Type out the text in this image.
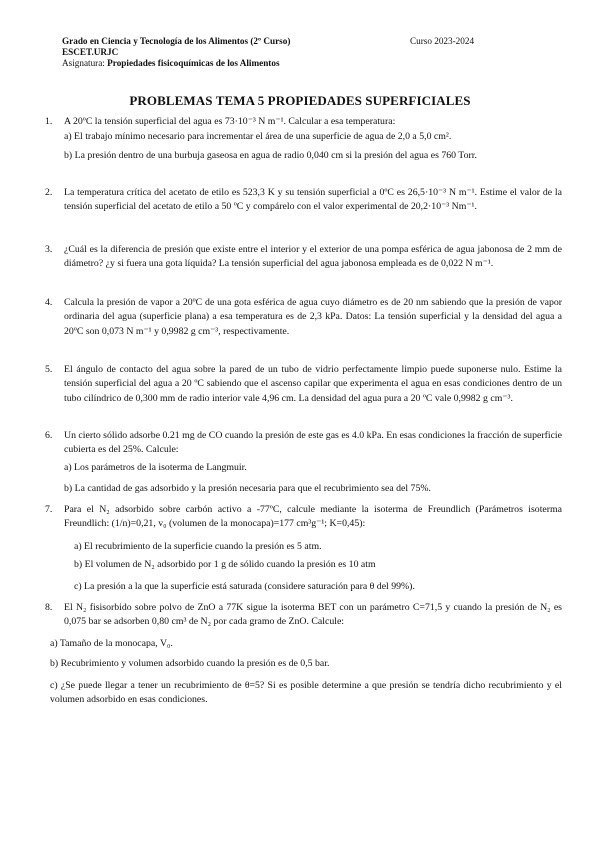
Grado en Ciencia y Tecnología de los Alimentos (2º Curso)
ESCET.URJC
Asignatura: Propiedades fisicoquímicas de los Alimentos
Curso 2023-2024
PROBLEMAS TEMA 5 PROPIEDADES SUPERFICIALES
1. A 20ºC la tensión superficial del agua es 73·10⁻³ N m⁻¹. Calcular a esa temperatura:
a) El trabajo mínimo necesario para incrementar el área de una superficie de agua de 2,0 a 5,0 cm².
b) La presión dentro de una burbuja gaseosa en agua de radio 0,040 cm si la presión del agua es 760 Torr.
2. La temperatura crítica del acetato de etilo es 523,3 K y su tensión superficial a 0ºC es 26,5·10⁻³ N m⁻¹. Estime el valor de la tensión superficial del acetato de etilo a 50 ºC y compárelo con el valor experimental de 20,2·10⁻³ Nm⁻¹.
3. ¿Cuál es la diferencia de presión que existe entre el interior y el exterior de una pompa esférica de agua jabonosa de 2 mm de diámetro? ¿y si fuera una gota líquida? La tensión superficial del agua jabonosa empleada es de 0,022 N m⁻¹.
4. Calcula la presión de vapor a 20ºC de una gota esférica de agua cuyo diámetro es de 20 nm sabiendo que la presión de vapor ordinaria del agua (superficie plana) a esa temperatura es de 2,3 kPa. Datos: La tensión superficial y la densidad del agua a 20ºC son 0,073 N m⁻¹ y 0,9982 g cm⁻³, respectivamente.
5. El ángulo de contacto del agua sobre la pared de un tubo de vidrio perfectamente limpio puede suponerse nulo. Estime la tensión superficial del agua a 20 ºC sabiendo que el ascenso capilar que experimenta el agua en esas condiciones dentro de un tubo cilíndrico de 0,300 mm de radio interior vale 4,96 cm. La densidad del agua pura a 20 ºC vale 0,9982 g cm⁻³.
6. Un cierto sólido adsorbe 0.21 mg de CO cuando la presión de este gas es 4.0 kPa. En esas condiciones la fracción de superficie cubierta es del 25%. Calcule:
a) Los parámetros de la isoterma de Langmuir.
b) La cantidad de gas adsorbido y la presión necesaria para que el recubrimiento sea del 75%.
7. Para el N₂ adsorbido sobre carbón activo a -77ºC, calcule mediante la isoterma de Freundlich (Parámetros isoterma Freundlich: (1/n)=0,21, v₀ (volumen de la monocapa)=177 cm³g⁻¹; K=0,45):
a) El recubrimiento de la superficie cuando la presión es 5 atm.
b) El volumen de N₂ adsorbido por 1 g de sólido cuando la presión es 10 atm
c) La presión a la que la superficie está saturada (considere saturación para θ del 99%).
8. El N₂ fisisorbido sobre polvo de ZnO a 77K sigue la isoterma BET con un parámetro C=71,5 y cuando la presión de N₂ es 0,075 bar se adsorben 0,80 cm³ de N₂ por cada gramo de ZnO. Calcule:
a) Tamaño de la monocapa, V₀.
b) Recubrimiento y volumen adsorbido cuando la presión es de 0,5 bar.
c) ¿Se puede llegar a tener un recubrimiento de θ=5? Si es posible determine a que presión se tendría dicho recubrimiento y el volumen adsorbido en esas condiciones.
